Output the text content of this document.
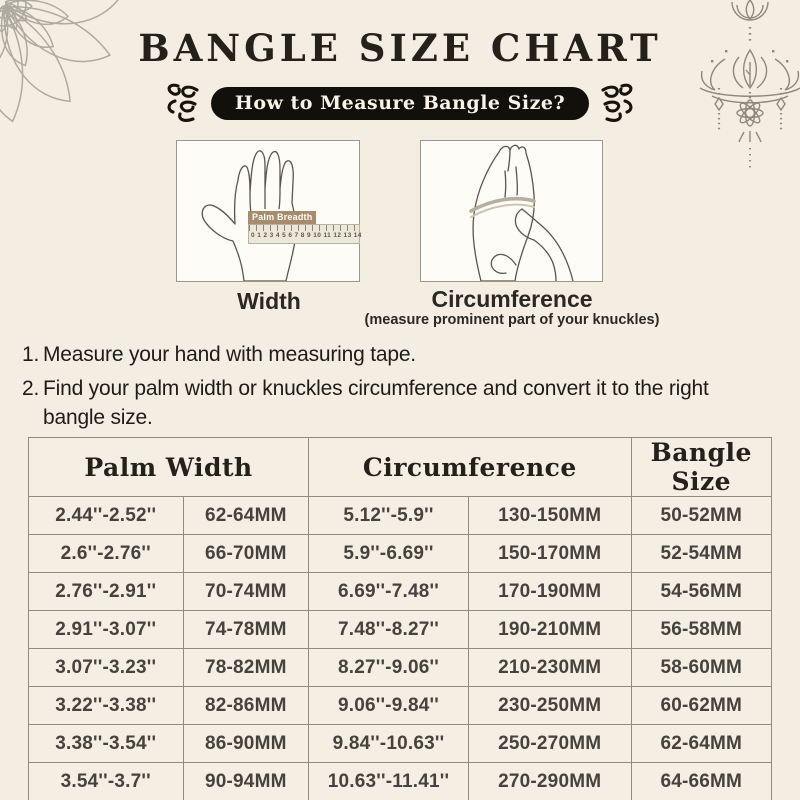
BANGLE SIZE CHART
How to Measure Bangle Size?
Palm Breadth
0 1 2 3 4 5 6 7 8 9 10 11 12 13 14
Width	Circumference
(measure prominent part of your knuckles)
1. Measure your hand with measuring tape.
2. Find your palm width or knuckles circumference and convert it to the right bangle size.
Palm Width		Circumference		Bangle Size
2.44''-2.52''	62-64MM	5.12''-5.9''	130-150MM	50-52MM
2.6''-2.76''	66-70MM	5.9''-6.69''	150-170MM	52-54MM
2.76''-2.91''	70-74MM	6.69''-7.48''	170-190MM	54-56MM
2.91''-3.07''	74-78MM	7.48''-8.27''	190-210MM	56-58MM
3.07''-3.23''	78-82MM	8.27''-9.06''	210-230MM	58-60MM
3.22''-3.38''	82-86MM	9.06''-9.84''	230-250MM	60-62MM
3.38''-3.54''	86-90MM	9.84''-10.63''	250-270MM	62-64MM
3.54''-3.7''	90-94MM	10.63''-11.41''	270-290MM	64-66MM
